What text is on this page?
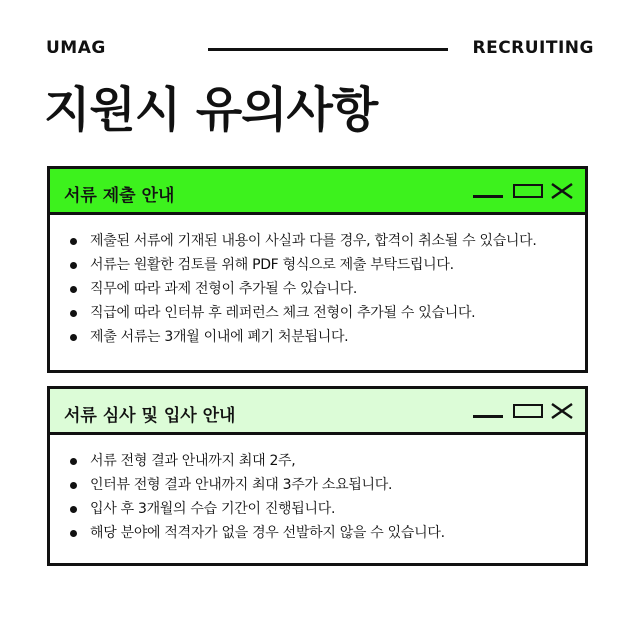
UMAG	RECRUITING
지원시 유의사항
서류 제출 안내
제출된 서류에 기재된 내용이 사실과 다를 경우, 합격이 취소될 수 있습니다.
서류는 원활한 검토를 위해 PDF 형식으로 제출 부탁드립니다.
직무에 따라 과제 전형이 추가될 수 있습니다.
직급에 따라 인터뷰 후 레퍼런스 체크 전형이 추가될 수 있습니다.
제출 서류는 3개월 이내에 폐기 처분됩니다.
서류 심사 및 입사 안내
서류 전형 결과 안내까지 최대 2주,
인터뷰 전형 결과 안내까지 최대 3주가 소요됩니다.
입사 후 3개월의 수습 기간이 진행됩니다.
해당 분야에 적격자가 없을 경우 선발하지 않을 수 있습니다.
